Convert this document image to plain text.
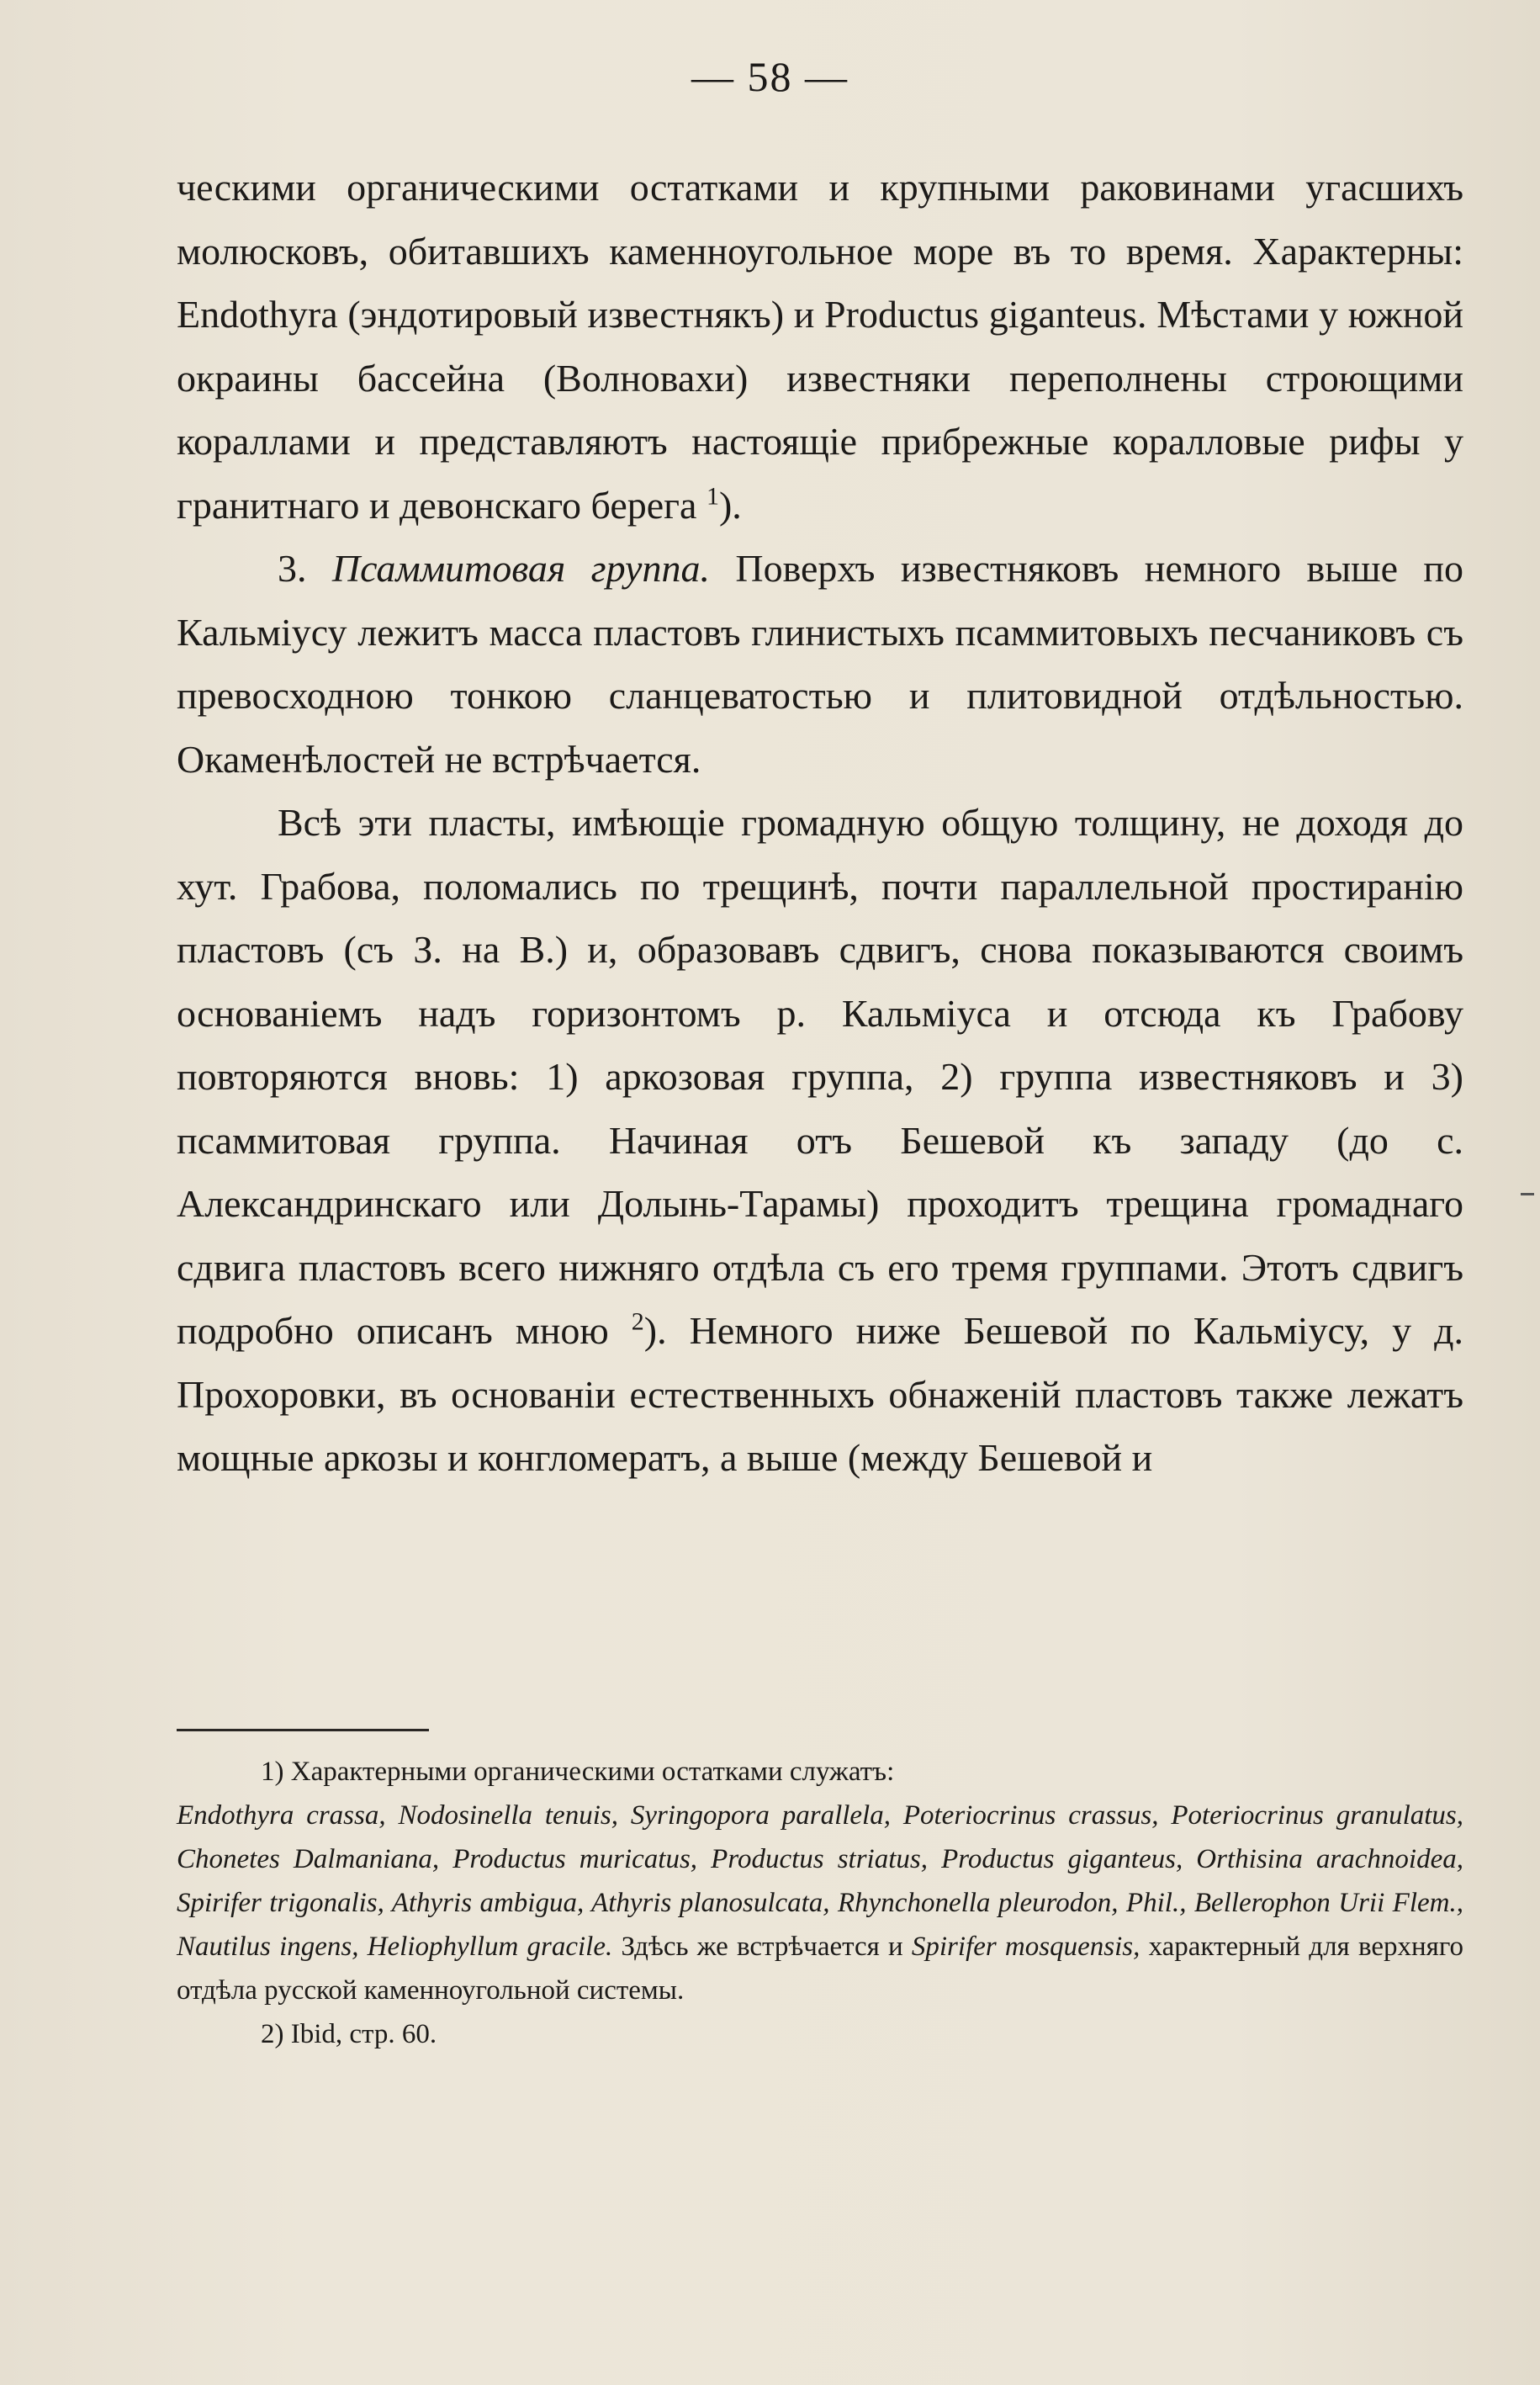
— 58 —

ческими органическими остатками и крупными раковинами угасшихъ молюсковъ, обитавшихъ каменноугольное море въ то время. Характерны: Endothyra (эндотировый известнякъ) и Productus giganteus. Мѣстами у южной окраины бассейна (Волновахи) известняки переполнены строющими кораллами и представляютъ настоящіе прибрежные коралловые рифы у гранитнаго и девонскаго берега $^1$).

3. Псаммитовая группа. Поверхъ известняковъ немного выше по Кальміусу лежитъ масса пластовъ глинистыхъ псаммитовыхъ песчаниковъ съ превосходною тонкою сланцеватостью и плитовидной отдѣльностью. Окаменѣлостей не встрѣчается.

Всѣ эти пласты, имѣющіе громадную общую толщину, не доходя до хут. Грабова, поломались по трещинѣ, почти параллельной простиранію пластовъ (съ З. на В.) и, образовавъ сдвигъ, снова показываются своимъ основаніемъ надъ горизонтомъ р. Кальміуса и отсюда къ Грабову повторяются вновь: 1) аркозовая группа, 2) группа известняковъ и 3) псаммитовая группа. Начиная отъ Бешевой къ западу (до с. Александринскаго или Долынь-Тарамы) проходитъ трещина громаднаго сдвига пластовъ всего нижняго отдѣла съ его тремя группами. Этотъ сдвигъ подробно описанъ мною $^2$). Немного ниже Бешевой по Кальміусу, у д. Прохоровки, въ основаніи естественныхъ обнаженій пластовъ также лежатъ мощные аркозы и конгломератъ, а выше (между Бешевой и

1) Характерными органическими остатками служатъ:

Endothyra crassa, Nodosinella tenuis, Syringopora parallela, Poteriocrinus crassus, Poteriocrinus granulatus, Chonetes Dalmaniana, Productus muricatus, Productus striatus, Productus giganteus, Orthisina arachnoidea, Spirifer trigonalis, Athyris ambigua, Athyris planosulcata, Rhynchonella pleurodon, Phil., Bellerophon Urii Flem., Nautilus ingens, Heliophyllum gracile. Здѣсь же встрѣчается и Spirifer mosquensis, характерный для верхняго отдѣла русской каменноугольной системы.

2) Ibid, стр. 60.
